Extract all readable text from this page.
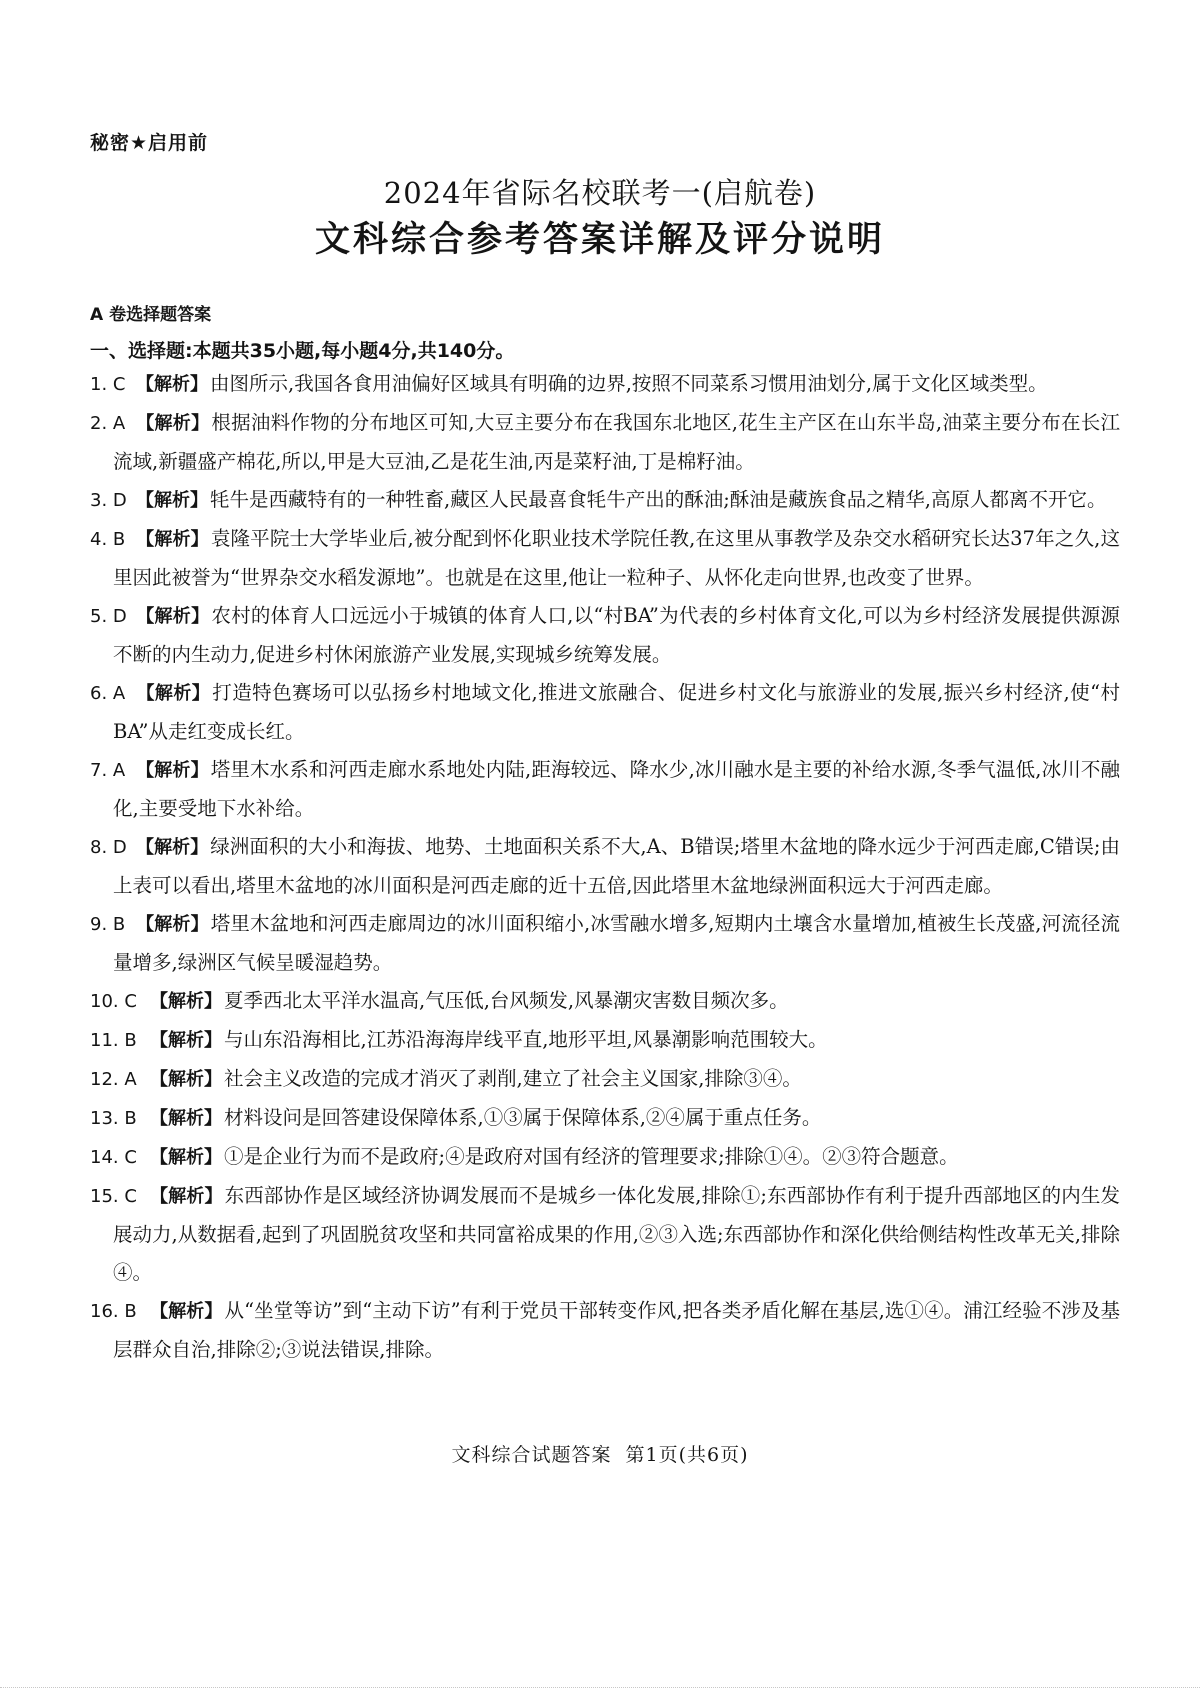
秘密★启用前
2024年省际名校联考一(启航卷)
文科综合参考答案详解及评分说明
A 卷选择题答案
一、选择题:本题共35小题,每小题4分,共140分。
1. C 【解析】 由图所示,我国各食用油偏好区域具有明确的边界,按照不同菜系习惯用油划分,属于文化区域类型。
2. A 【解析】 根据油料作物的分布地区可知,大豆主要分布在我国东北地区,花生主产区在山东半岛,油菜主要分布在长江流域,新疆盛产棉花,所以,甲是大豆油,乙是花生油,丙是菜籽油,丁是棉籽油。
3. D 【解析】 牦牛是西藏特有的一种牲畜,藏区人民最喜食牦牛产出的酥油;酥油是藏族食品之精华,高原人都离不开它。
4. B 【解析】 袁隆平院士大学毕业后,被分配到怀化职业技术学院任教,在这里从事教学及杂交水稻研究长达37年之久,这里因此被誉为“世界杂交水稻发源地”。也就是在这里,他让一粒种子、从怀化走向世界,也改变了世界。
5. D 【解析】 农村的体育人口远远小于城镇的体育人口,以“村BA”为代表的乡村体育文化,可以为乡村经济发展提供源源不断的内生动力,促进乡村休闲旅游产业发展,实现城乡统筹发展。
6. A 【解析】 打造特色赛场可以弘扬乡村地域文化,推进文旅融合、促进乡村文化与旅游业的发展,振兴乡村经济,使“村BA”从走红变成长红。
7. A 【解析】 塔里木水系和河西走廊水系地处内陆,距海较远、降水少,冰川融水是主要的补给水源,冬季气温低,冰川不融化,主要受地下水补给。
8. D 【解析】 绿洲面积的大小和海拔、地势、土地面积关系不大,A、B错误;塔里木盆地的降水远少于河西走廊,C错误;由上表可以看出,塔里木盆地的冰川面积是河西走廊的近十五倍,因此塔里木盆地绿洲面积远大于河西走廊。
9. B 【解析】 塔里木盆地和河西走廊周边的冰川面积缩小,冰雪融水增多,短期内土壤含水量增加,植被生长茂盛,河流径流量增多,绿洲区气候呈暖湿趋势。
10. C 【解析】 夏季西北太平洋水温高,气压低,台风频发,风暴潮灾害数目频次多。
11. B 【解析】 与山东沿海相比,江苏沿海海岸线平直,地形平坦,风暴潮影响范围较大。
12. A 【解析】 社会主义改造的完成才消灭了剥削,建立了社会主义国家,排除③④。
13. B 【解析】 材料设问是回答建设保障体系,①③属于保障体系,②④属于重点任务。
14. C 【解析】 ①是企业行为而不是政府;④是政府对国有经济的管理要求;排除①④。②③符合题意。
15. C 【解析】 东西部协作是区域经济协调发展而不是城乡一体化发展,排除①;东西部协作有利于提升西部地区的内生发展动力,从数据看,起到了巩固脱贫攻坚和共同富裕成果的作用,②③入选;东西部协作和深化供给侧结构性改革无关,排除④。
16. B 【解析】 从“坐堂等访”到“主动下访”有利于党员干部转变作风,把各类矛盾化解在基层,选①④。浦江经验不涉及基层群众自治,排除②;③说法错误,排除。
文科综合试题答案 第1页(共6页)
